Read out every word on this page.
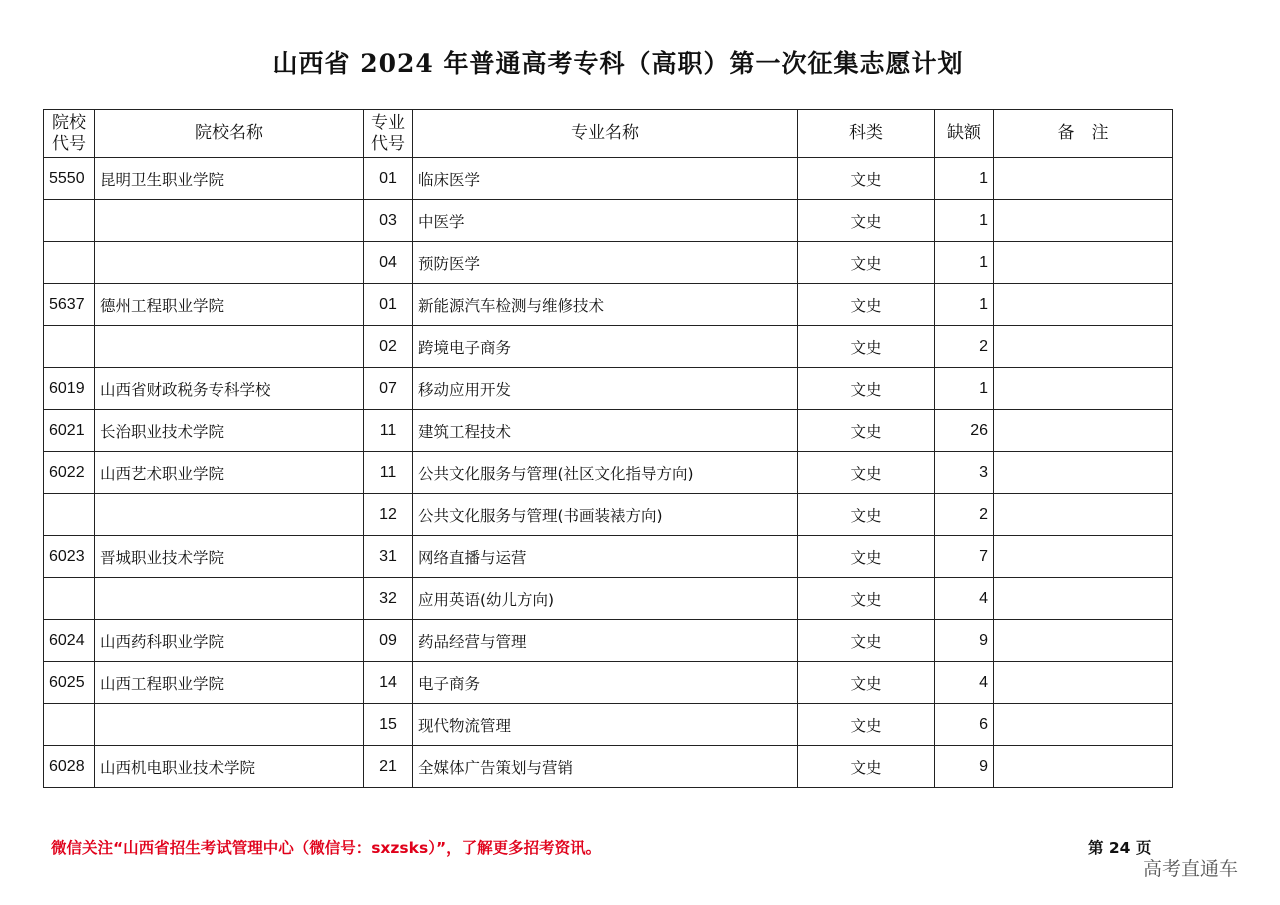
山西省 2024 年普通高考专科（高职）第一次征集志愿计划
院校代号	院校名称	专业代号	专业名称	科类	缺额	备　注
5550	昆明卫生职业学院	01	临床医学	文史	1	
		03	中医学	文史	1	
		04	预防医学	文史	1	
5637	德州工程职业学院	01	新能源汽车检测与维修技术	文史	1	
		02	跨境电子商务	文史	2	
6019	山西省财政税务专科学校	07	移动应用开发	文史	1	
6021	长治职业技术学院	11	建筑工程技术	文史	26	
6022	山西艺术职业学院	11	公共文化服务与管理(社区文化指导方向)	文史	3	
		12	公共文化服务与管理(书画装裱方向)	文史	2	
6023	晋城职业技术学院	31	网络直播与运营	文史	7	
		32	应用英语(幼儿方向)	文史	4	
6024	山西药科职业学院	09	药品经营与管理	文史	9	
6025	山西工程职业学院	14	电子商务	文史	4	
		15	现代物流管理	文史	6	
6028	山西机电职业技术学院	21	全媒体广告策划与营销	文史	9	
微信关注“山西省招生考试管理中心（微信号：sxzsks）”，了解更多招考资讯。	第 24 页
高考直通车
